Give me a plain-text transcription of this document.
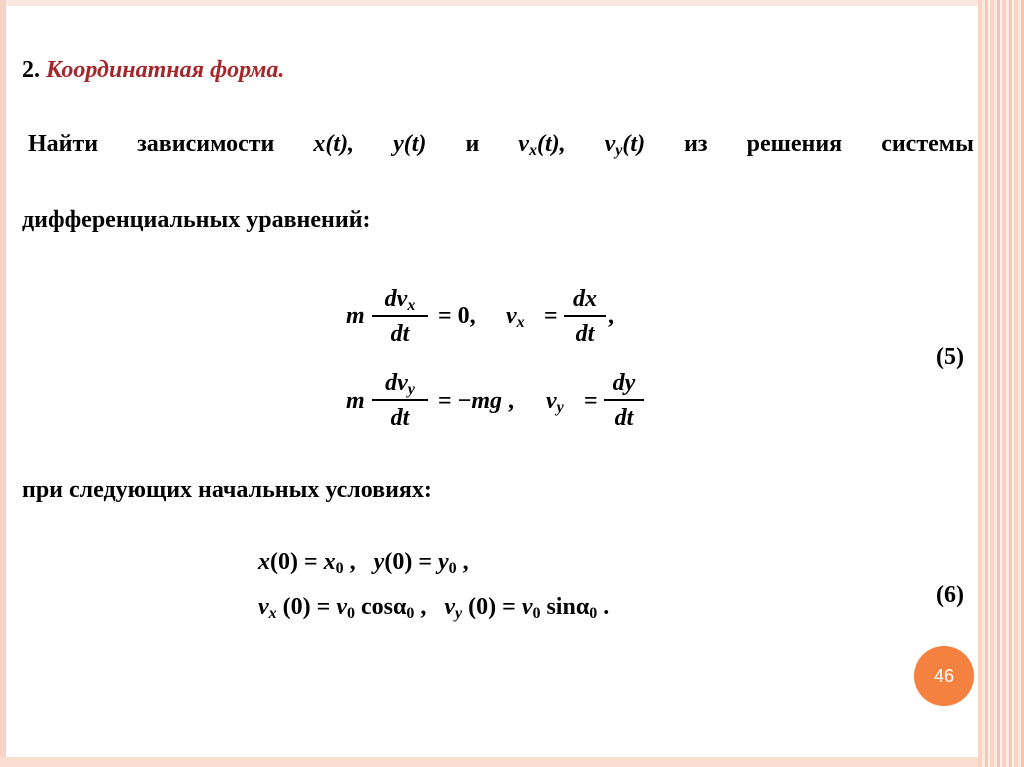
2. Координатная форма.
Найти зависимости x(t), y(t) и $v_x(t)$, $v_y(t)$ из решения системы
дифференциальных уравнений:
m
$dv_x$
dt
= 0, $v_x$ =
dx
dt
,
m
$dv_y$
dt
= −mg , $v_y$ =
dy
dt
(5)
при следующих начальных условиях:
$x(0) = x_0$ ,   $y(0) = y_0$ ,
$v_x$ $(0) = v_0$ cosα$_0$ ,   $v_y$ $(0) = v_0$ sinα$_0$ .	(6)
46
